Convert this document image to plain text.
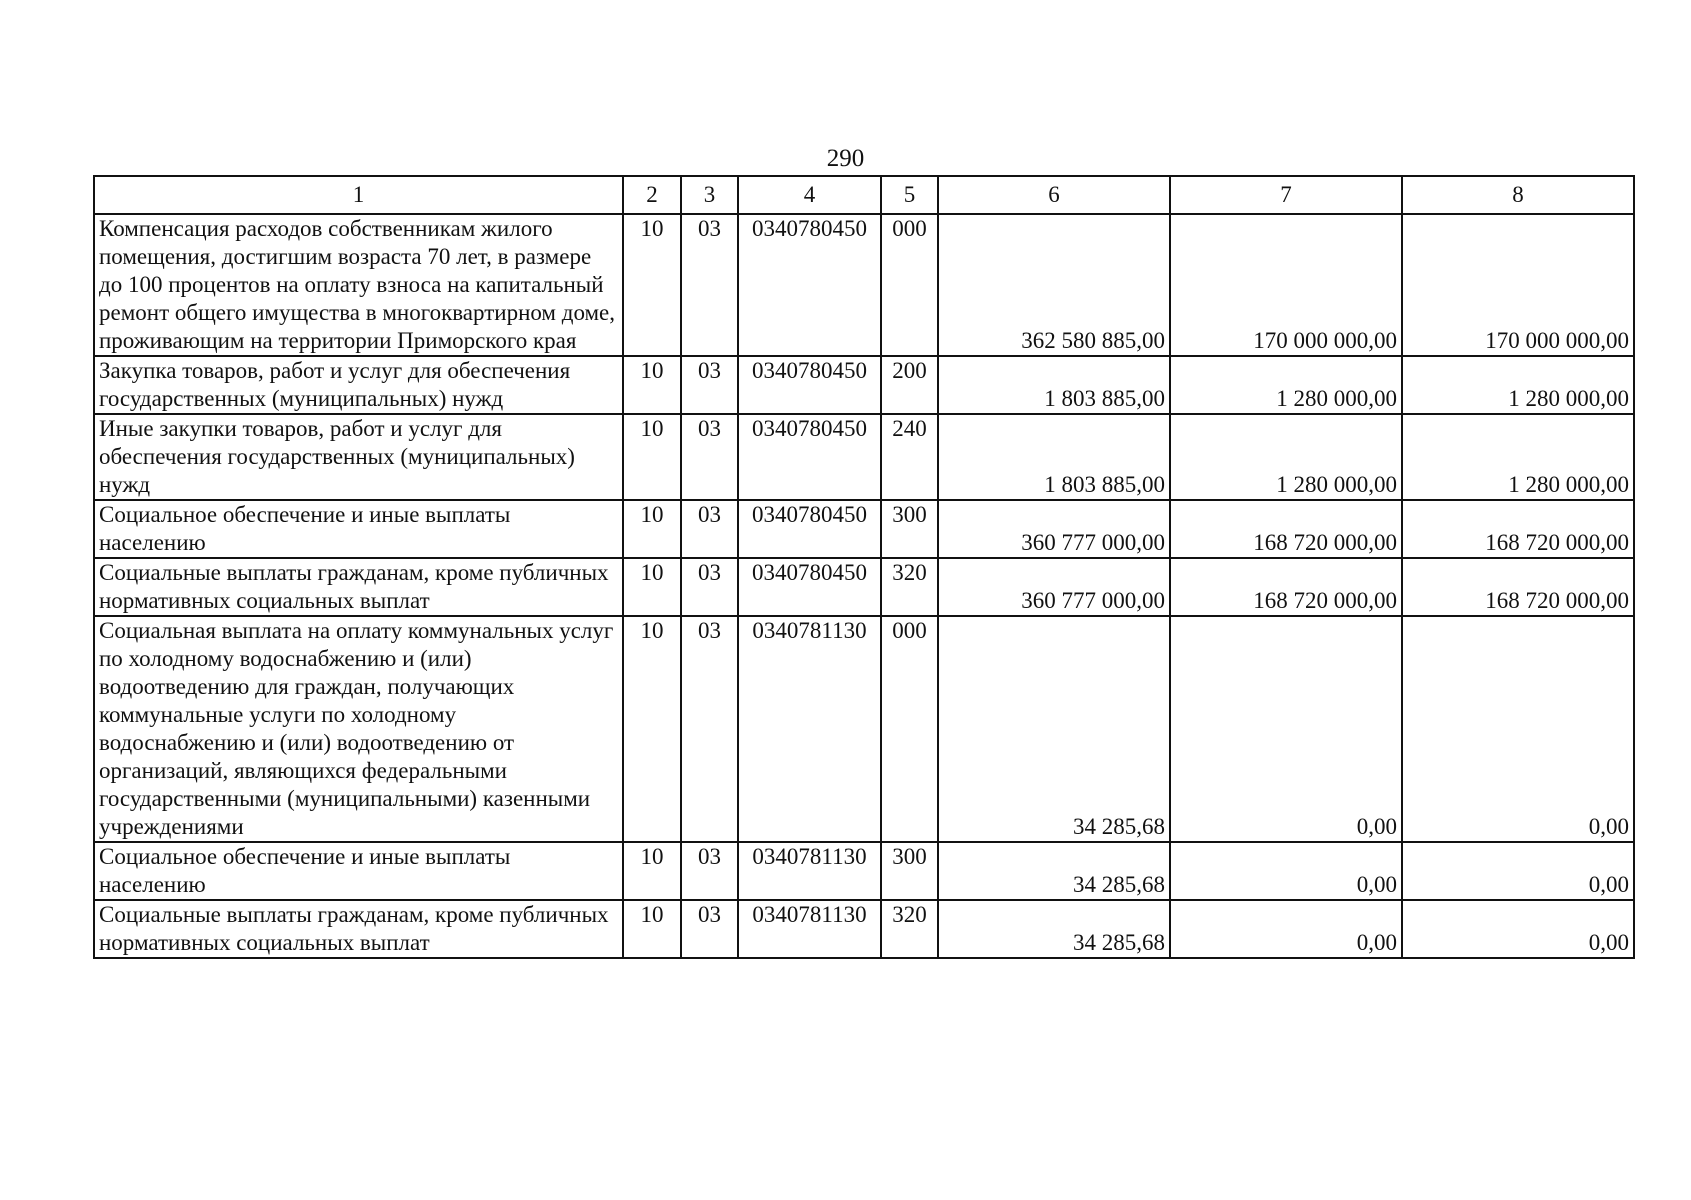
290
1	2	3	4	5	6	7	8
Компенсация расходов собственникам жилого помещения, достигшим возраста 70 лет, в размере до 100 процентов на оплату взноса на капитальный ремонт общего имущества в многоквартирном доме, проживающим на территории Приморского края	10	03	0340780450	000	362 580 885,00	170 000 000,00	170 000 000,00
Закупка товаров, работ и услуг для обеспечения государственных (муниципальных) нужд	10	03	0340780450	200	1 803 885,00	1 280 000,00	1 280 000,00
Иные закупки товаров, работ и услуг для обеспечения государственных (муниципальных) нужд	10	03	0340780450	240	1 803 885,00	1 280 000,00	1 280 000,00
Социальное обеспечение и иные выплаты населению	10	03	0340780450	300	360 777 000,00	168 720 000,00	168 720 000,00
Социальные выплаты гражданам, кроме публичных нормативных социальных выплат	10	03	0340780450	320	360 777 000,00	168 720 000,00	168 720 000,00
Социальная выплата на оплату коммунальных услуг по холодному водоснабжению и (или) водоотведению для граждан, получающих коммунальные услуги по холодному водоснабжению и (или) водоотведению от организаций, являющихся федеральными государственными (муниципальными) казенными учреждениями	10	03	0340781130	000	34 285,68	0,00	0,00
Социальное обеспечение и иные выплаты населению	10	03	0340781130	300	34 285,68	0,00	0,00
Социальные выплаты гражданам, кроме публичных нормативных социальных выплат	10	03	0340781130	320	34 285,68	0,00	0,00
